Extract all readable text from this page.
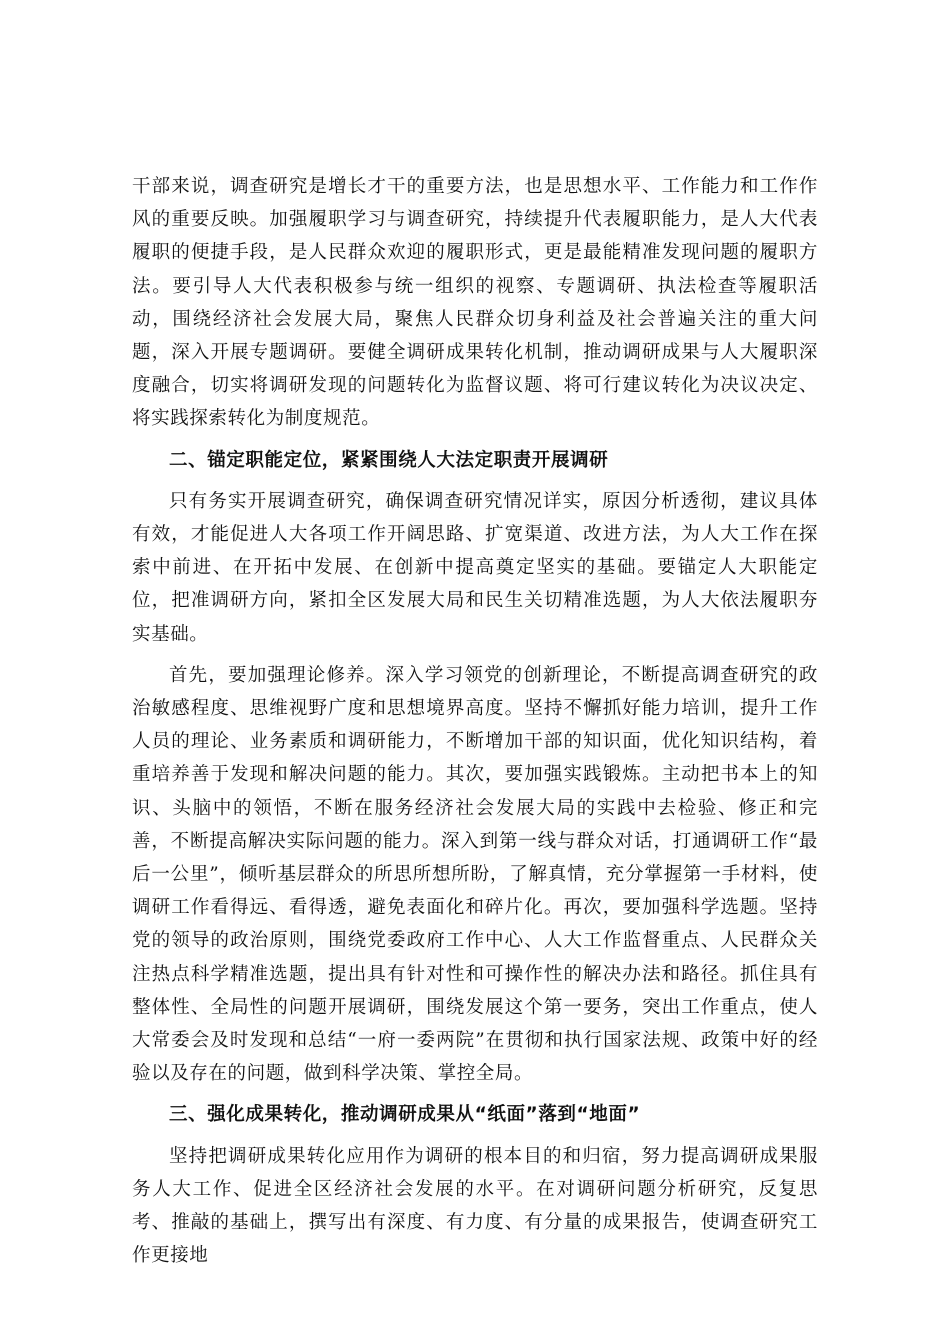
干部来说，调查研究是增长才干的重要方法，也是思想水平、工作能力和工作作风的重要反映。加强履职学习与调查研究，持续提升代表履职能力，是人大代表履职的便捷手段，是人民群众欢迎的履职形式，更是最能精准发现问题的履职方法。要引导人大代表积极参与统一组织的视察、专题调研、执法检查等履职活动，围绕经济社会发展大局，聚焦人民群众切身利益及社会普遍关注的重大问题，深入开展专题调研。要健全调研成果转化机制，推动调研成果与人大履职深度融合，切实将调研发现的问题转化为监督议题、将可行建议转化为决议决定、将实践探索转化为制度规范。

二、锚定职能定位，紧紧围绕人大法定职责开展调研

只有务实开展调查研究，确保调查研究情况详实，原因分析透彻，建议具体有效，才能促进人大各项工作开阔思路、扩宽渠道、改进方法，为人大工作在探索中前进、在开拓中发展、在创新中提高奠定坚实的基础。要锚定人大职能定位，把准调研方向，紧扣全区发展大局和民生关切精准选题，为人大依法履职夯实基础。

首先，要加强理论修养。深入学习领党的创新理论，不断提高调查研究的政治敏感程度、思维视野广度和思想境界高度。坚持不懈抓好能力培训，提升工作人员的理论、业务素质和调研能力，不断增加干部的知识面，优化知识结构，着重培养善于发现和解决问题的能力。其次，要加强实践锻炼。主动把书本上的知识、头脑中的领悟，不断在服务经济社会发展大局的实践中去检验、修正和完善，不断提高解决实际问题的能力。深入到第一线与群众对话，打通调研工作“最后一公里”，倾听基层群众的所思所想所盼，了解真情，充分掌握第一手材料，使调研工作看得远、看得透，避免表面化和碎片化。再次，要加强科学选题。坚持党的领导的政治原则，围绕党委政府工作中心、人大工作监督重点、人民群众关注热点科学精准选题，提出具有针对性和可操作性的解决办法和路径。抓住具有整体性、全局性的问题开展调研，围绕发展这个第一要务，突出工作重点，使人大常委会及时发现和总结“一府一委两院”在贯彻和执行国家法规、政策中好的经验以及存在的问题，做到科学决策、掌控全局。

三、强化成果转化，推动调研成果从“纸面”落到“地面”

坚持把调研成果转化应用作为调研的根本目的和归宿，努力提高调研成果服务人大工作、促进全区经济社会发展的水平。在对调研问题分析研究，反复思考、推敲的基础上，撰写出有深度、有力度、有分量的成果报告，使调查研究工作更接地
